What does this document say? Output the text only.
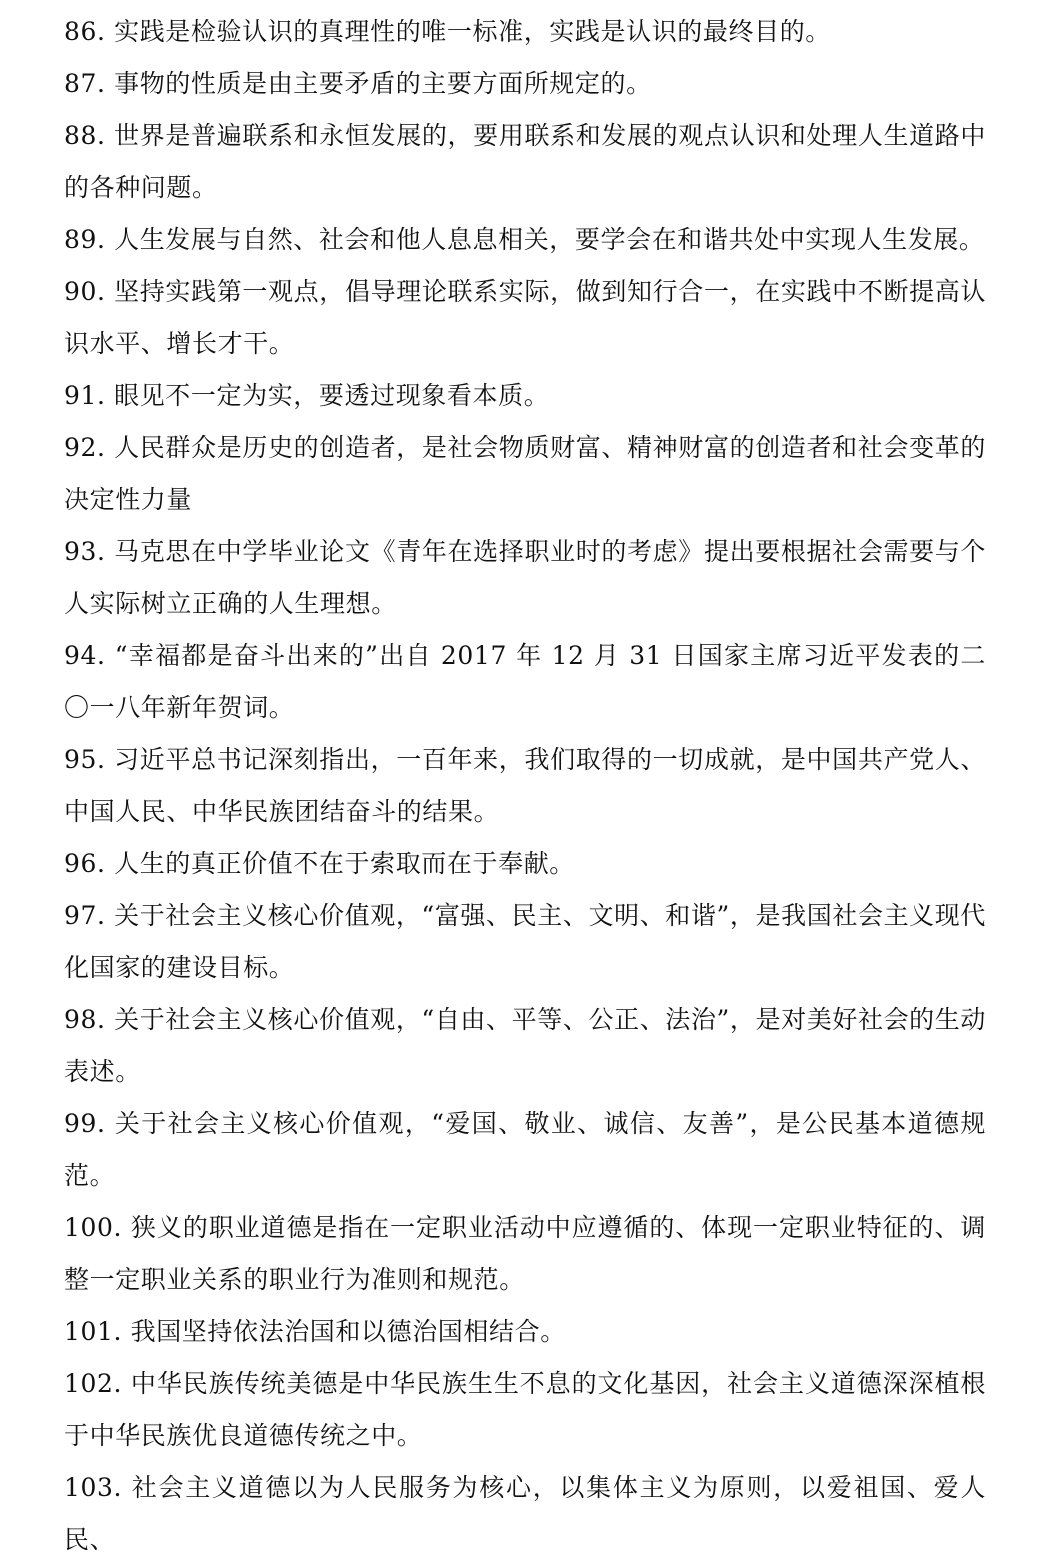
86. 实践是检验认识的真理性的唯一标准，实践是认识的最终目的。

87. 事物的性质是由主要矛盾的主要方面所规定的。

88. 世界是普遍联系和永恒发展的，要用联系和发展的观点认识和处理人生道路中的各种问题。

89. 人生发展与自然、社会和他人息息相关，要学会在和谐共处中实现人生发展。

90. 坚持实践第一观点，倡导理论联系实际，做到知行合一，在实践中不断提高认识水平、增长才干。

91. 眼见不一定为实，要透过现象看本质。

92. 人民群众是历史的创造者，是社会物质财富、精神财富的创造者和社会变革的决定性力量

93. 马克思在中学毕业论文《青年在选择职业时的考虑》提出要根据社会需要与个人实际树立正确的人生理想。

94. “幸福都是奋斗出来的”出自 2017 年 12 月 31 日国家主席习近平发表的二〇一八年新年贺词。

95. 习近平总书记深刻指出，一百年来，我们取得的一切成就，是中国共产党人、中国人民、中华民族团结奋斗的结果。

96. 人生的真正价值不在于索取而在于奉献。

97. 关于社会主义核心价值观，“富强、民主、文明、和谐”，是我国社会主义现代化国家的建设目标。

98. 关于社会主义核心价值观，“自由、平等、公正、法治”，是对美好社会的生动表述。

99. 关于社会主义核心价值观，“爱国、敬业、诚信、友善”，是公民基本道德规范。

100. 狭义的职业道德是指在一定职业活动中应遵循的、体现一定职业特征的、调整一定职业关系的职业行为准则和规范。

101. 我国坚持依法治国和以德治国相结合。

102. 中华民族传统美德是中华民族生生不息的文化基因，社会主义道德深深植根于中华民族优良道德传统之中。

103. 社会主义道德以为人民服务为核心，以集体主义为原则，以爱祖国、爱人民、
